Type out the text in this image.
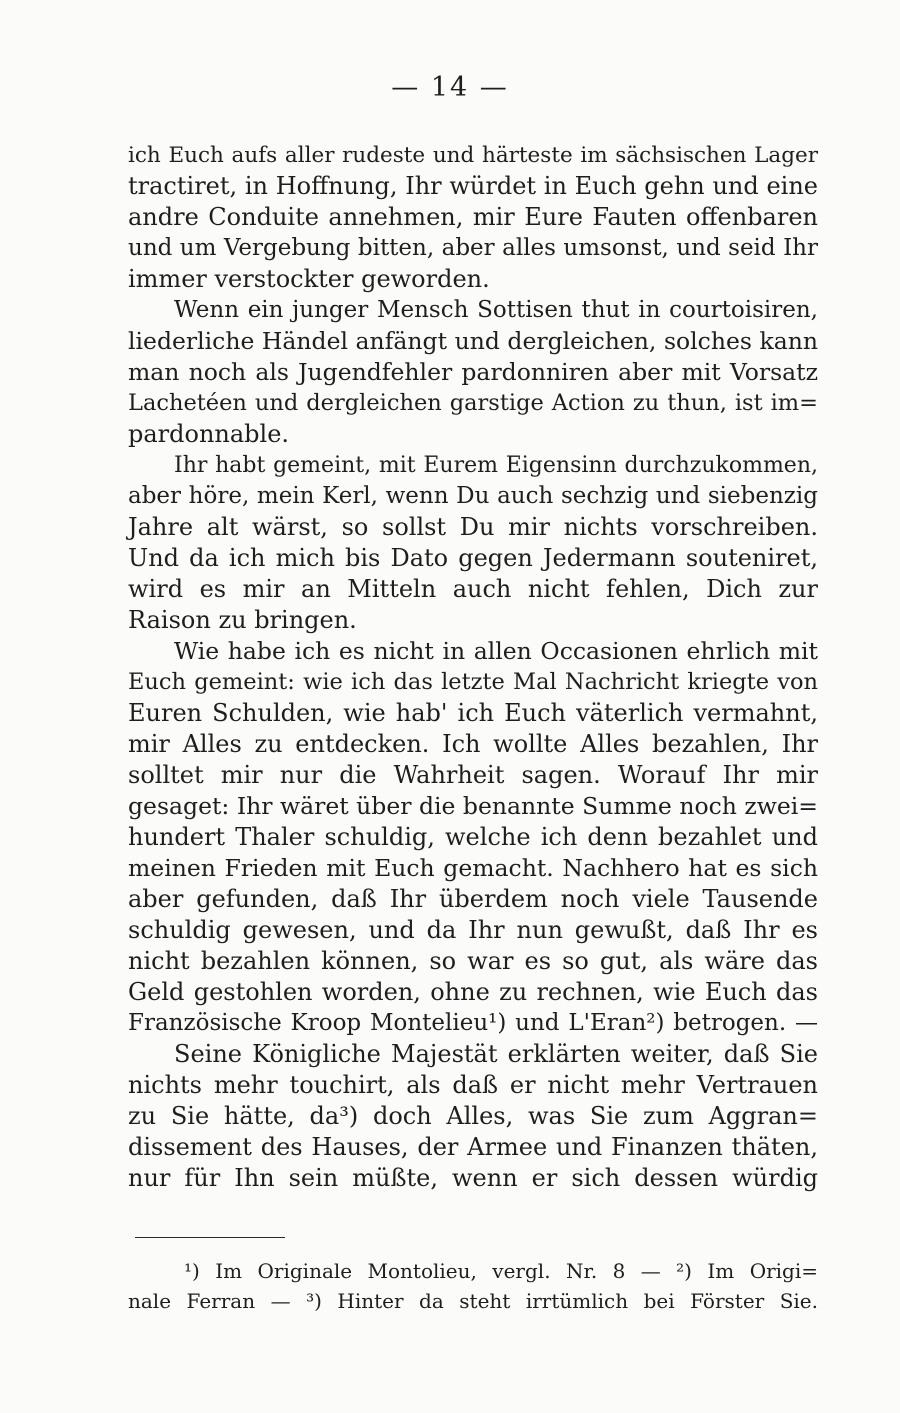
— 14 —
ich Euch aufs aller rudeste und härteste im sächsischen Lager
tractiret, in Hoffnung, Ihr würdet in Euch gehn und eine
andre Conduite annehmen, mir Eure Fauten offenbaren
und um Vergebung bitten, aber alles umsonst, und seid Ihr
immer verstockter geworden.
Wenn ein junger Mensch Sottisen thut in courtoisiren,
liederliche Händel anfängt und dergleichen, solches kann
man noch als Jugendfehler pardonniren aber mit Vorsatz
Lachetéen und dergleichen garstige Action zu thun, ist im=
pardonnable.
Ihr habt gemeint, mit Eurem Eigensinn durchzukommen,
aber höre, mein Kerl, wenn Du auch sechzig und siebenzig
Jahre alt wärst, so sollst Du mir nichts vorschreiben.
Und da ich mich bis Dato gegen Jedermann souteniret,
wird es mir an Mitteln auch nicht fehlen, Dich zur
Raison zu bringen.
Wie habe ich es nicht in allen Occasionen ehrlich mit
Euch gemeint: wie ich das letzte Mal Nachricht kriegte von
Euren Schulden, wie hab' ich Euch väterlich vermahnt,
mir Alles zu entdecken. Ich wollte Alles bezahlen, Ihr
solltet mir nur die Wahrheit sagen. Worauf Ihr mir
gesaget: Ihr wäret über die benannte Summe noch zwei=
hundert Thaler schuldig, welche ich denn bezahlet und
meinen Frieden mit Euch gemacht. Nachhero hat es sich
aber gefunden, daß Ihr überdem noch viele Tausende
schuldig gewesen, und da Ihr nun gewußt, daß Ihr es
nicht bezahlen können, so war es so gut, als wäre das
Geld gestohlen worden, ohne zu rechnen, wie Euch das
Französische Kroop Montelieu¹) und L'Eran²) betrogen. —
Seine Königliche Majestät erklärten weiter, daß Sie
nichts mehr touchirt, als daß er nicht mehr Vertrauen
zu Sie hätte, da³) doch Alles, was Sie zum Aggran=
dissement des Hauses, der Armee und Finanzen thäten,
nur für Ihn sein müßte, wenn er sich dessen würdig
¹) Im Originale Montolieu, vergl. Nr. 8 — ²) Im Origi=
nale Ferran — ³) Hinter da steht irrtümlich bei Förster Sie.
